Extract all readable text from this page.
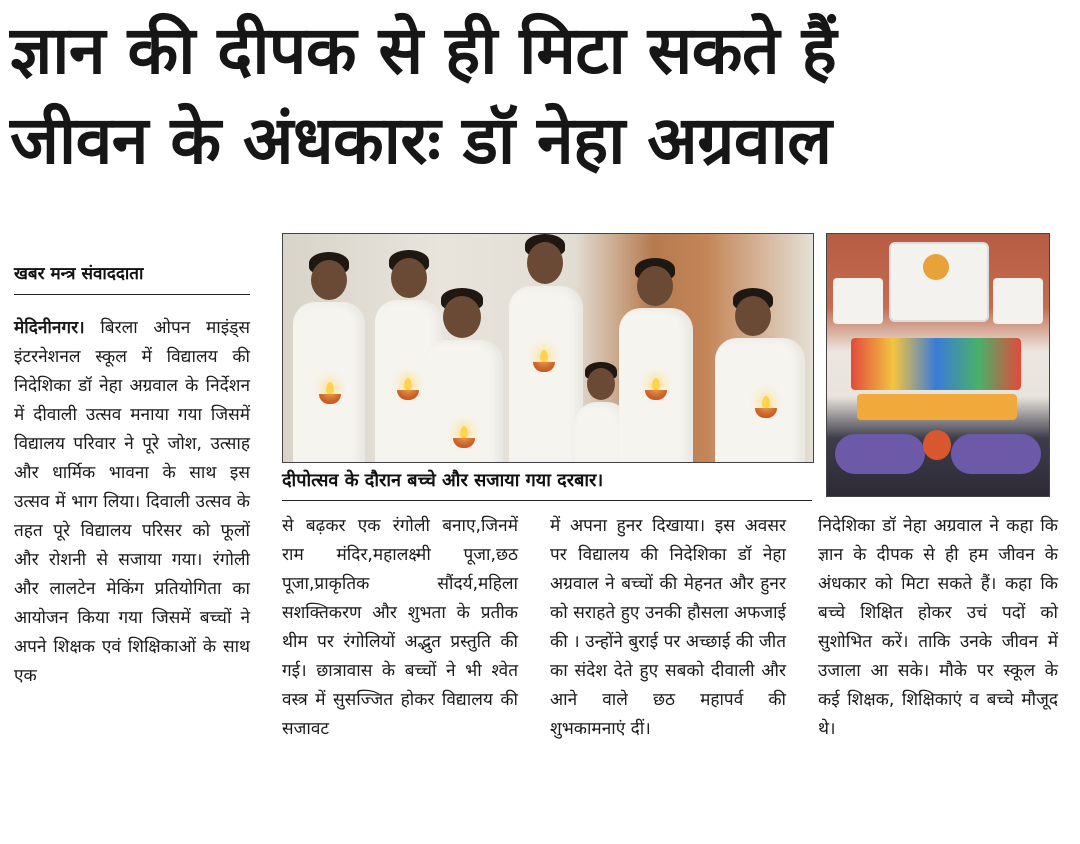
ज्ञान की दीपक से ही मिटा सकते हैं
जीवन के अंधकारः डॉ नेहा अग्रवाल
खबर मन्त्र संवाददाता
मेदिनीनगर। बिरला ओपन माइंड्स इंटरनेशनल स्कूल में विद्यालय की निदेशिका डॉ नेहा अग्रवाल के निर्देशन में दीवाली उत्सव मनाया गया जिसमें विद्यालय परिवार ने पूरे जोश, उत्साह और धार्मिक भावना के साथ इस उत्सव में भाग लिया। दिवाली उत्सव के तहत पूरे विद्यालय परिसर को फूलों और रोशनी से सजाया गया। रंगोली और लालटेन मेकिंग प्रतियोगिता का आयोजन किया गया जिसमें बच्चों ने अपने शिक्षक एवं शिक्षिकाओं के साथ एक
दीपोत्सव के दौरान बच्चे और सजाया गया दरबार।
से बढ़कर एक रंगोली बनाए,जिनमें राम मंदिर,महालक्ष्मी पूजा,छठ पूजा,प्राकृतिक सौंदर्य,महिला सशक्तिकरण और शुभता के प्रतीक थीम पर रंगोलियों अद्भुत प्रस्तुति की गई। छात्रावास के बच्चों ने भी श्वेत वस्त्र में सुसज्जित होकर विद्यालय की सजावट
में अपना हुनर दिखाया। इस अवसर पर विद्यालय की निदेशिका डॉ नेहा अग्रवाल ने बच्चों की मेहनत और हुनर को सराहते हुए उनकी हौसला अफजाई की । उन्होंने बुराई पर अच्छाई की जीत का संदेश देते हुए सबको दीवाली और आने वाले छठ महापर्व की शुभकामनाएं दीं।
निदेशिका डॉ नेहा अग्रवाल ने कहा कि ज्ञान के दीपक से ही हम जीवन के अंधकार को मिटा सकते हैं। कहा कि बच्चे शिक्षित होकर उचं पदों को सुशोभित करें। ताकि उनके जीवन में उजाला आ सके। मौके पर स्कूल के कई शिक्षक, शिक्षिकाएं व बच्चे मौजूद थे।
